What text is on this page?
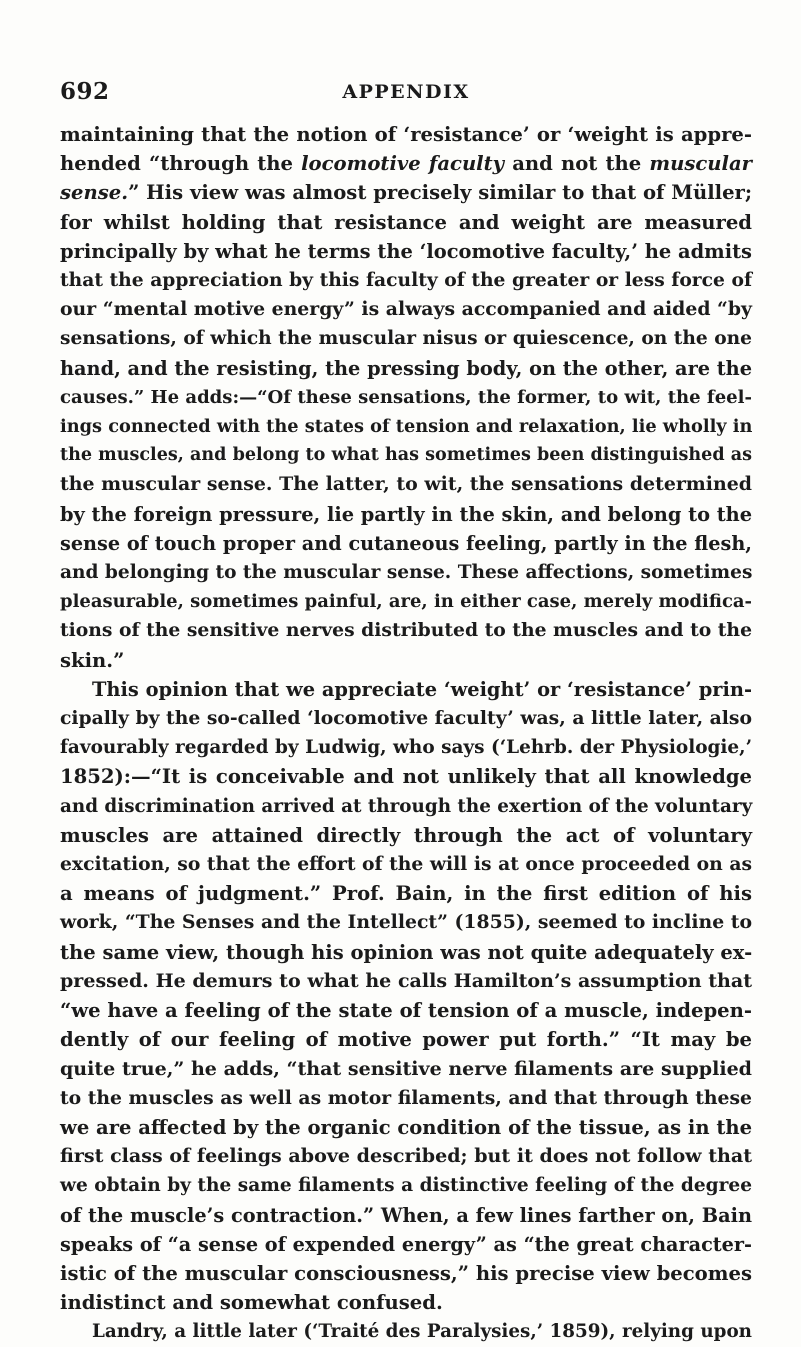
692	APPENDIX
maintaining that the notion of ‘resistance’ or ‘weight is appre-
hended “through the locomotive faculty and not the muscular
sense.” His view was almost precisely similar to that of Müller;
for whilst holding that resistance and weight are measured
principally by what he terms the ‘locomotive faculty,’ he admits
that the appreciation by this faculty of the greater or less force of
our “mental motive energy” is always accompanied and aided “by
sensations, of which the muscular nisus or quiescence, on the one
hand, and the resisting, the pressing body, on the other, are the
causes.” He adds:—“Of these sensations, the former, to wit, the feel-
ings connected with the states of tension and relaxation, lie wholly in
the muscles, and belong to what has sometimes been distinguished as
the muscular sense. The latter, to wit, the sensations determined
by the foreign pressure, lie partly in the skin, and belong to the
sense of touch proper and cutaneous feeling, partly in the flesh,
and belonging to the muscular sense. These affections, sometimes
pleasurable, sometimes painful, are, in either case, merely modifica-
tions of the sensitive nerves distributed to the muscles and to the
skin.”
This opinion that we appreciate ‘weight’ or ‘resistance’ prin-
cipally by the so-called ‘locomotive faculty’ was, a little later, also
favourably regarded by Ludwig, who says (‘Lehrb. der Physiologie,’
1852):—“It is conceivable and not unlikely that all knowledge
and discrimination arrived at through the exertion of the voluntary
muscles are attained directly through the act of voluntary
excitation, so that the effort of the will is at once proceeded on as
a means of judgment.” Prof. Bain, in the first edition of his
work, “The Senses and the Intellect” (1855), seemed to incline to
the same view, though his opinion was not quite adequately ex-
pressed. He demurs to what he calls Hamilton’s assumption that
“we have a feeling of the state of tension of a muscle, indepen-
dently of our feeling of motive power put forth.” “It may be
quite true,” he adds, “that sensitive nerve filaments are supplied
to the muscles as well as motor filaments, and that through these
we are affected by the organic condition of the tissue, as in the
first class of feelings above described; but it does not follow that
we obtain by the same filaments a distinctive feeling of the degree
of the muscle’s contraction.” When, a few lines farther on, Bain
speaks of “a sense of expended energy” as “the great character-
istic of the muscular consciousness,” his precise view becomes
indistinct and somewhat confused.
Landry, a little later (‘Traité des Paralysies,’ 1859), relying upon
